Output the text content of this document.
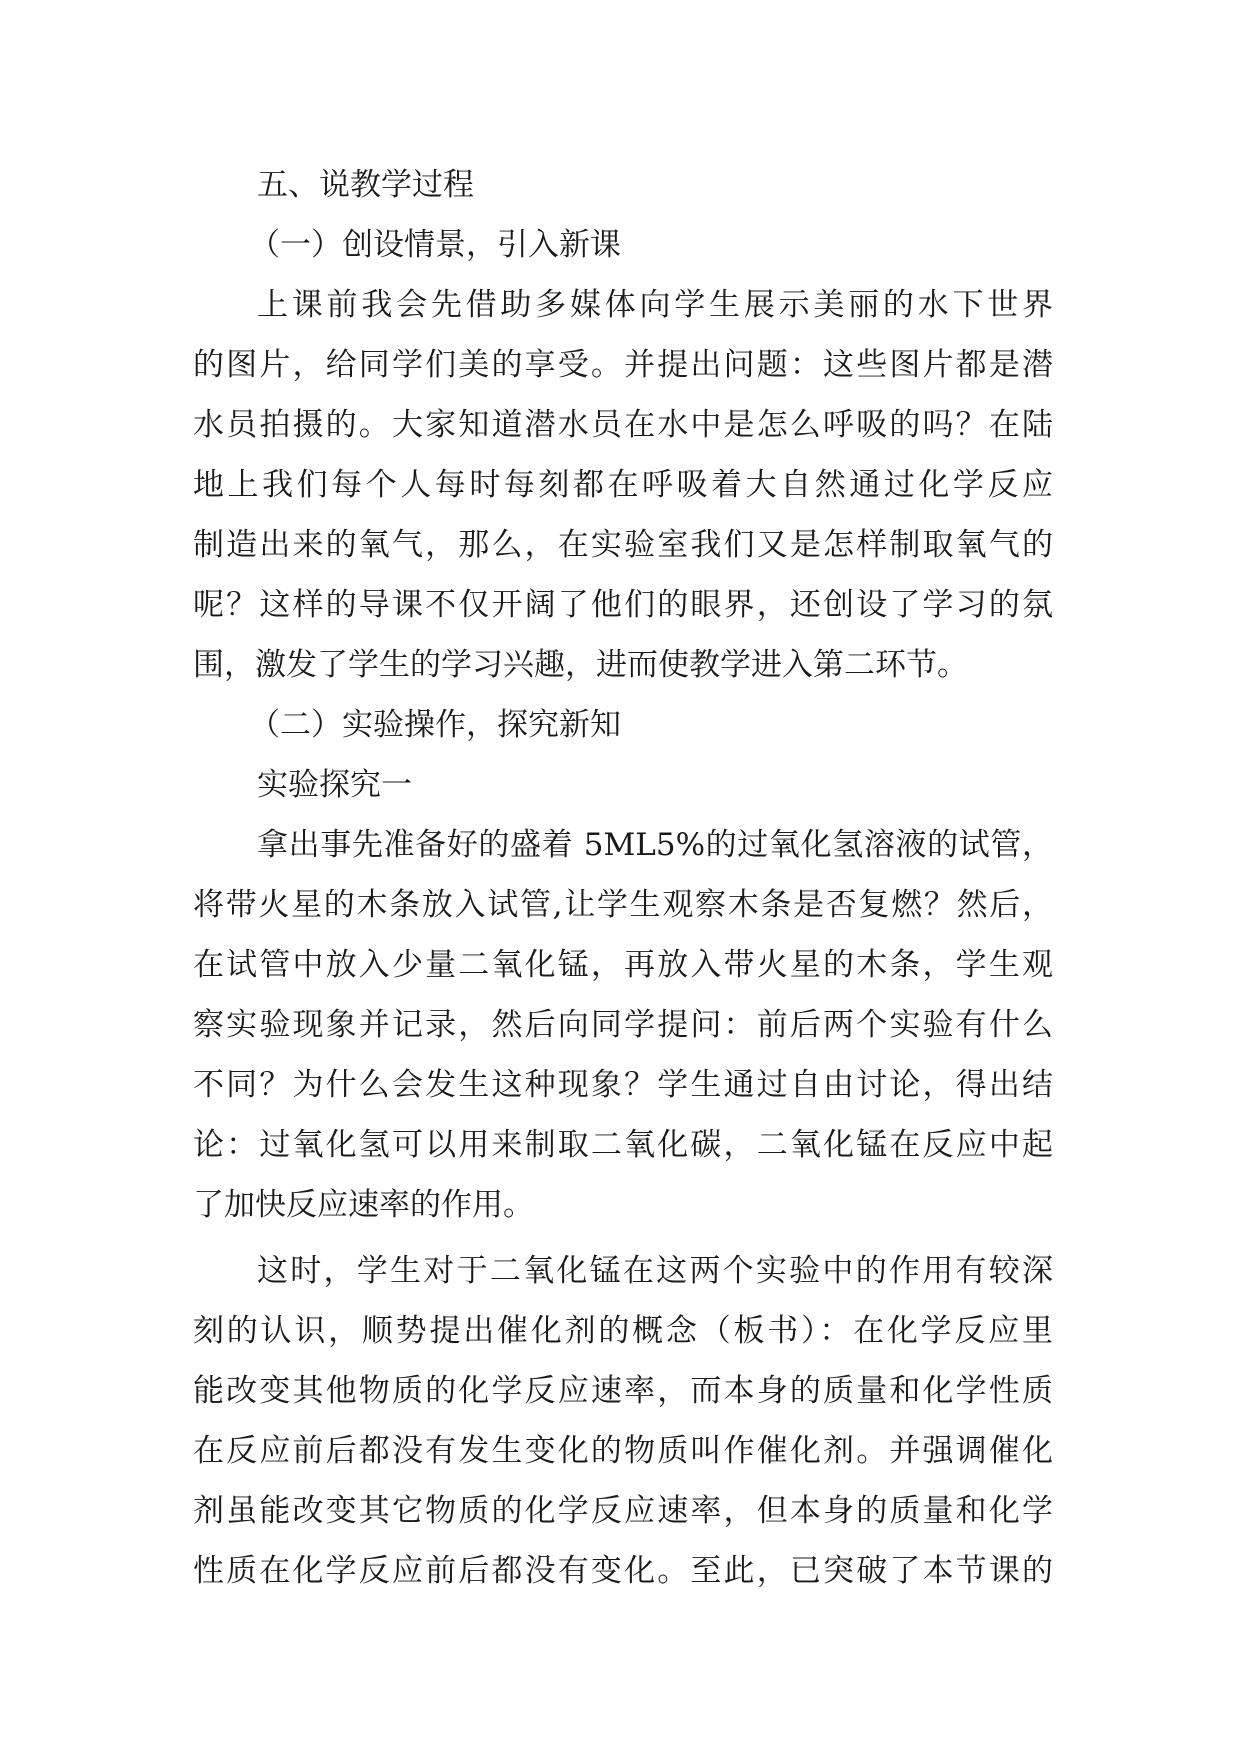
五、说教学过程
（一）创设情景，引入新课
上课前我会先借助多媒体向学生展示美丽的水下世界
的图片，给同学们美的享受。并提出问题：这些图片都是潜
水员拍摄的。大家知道潜水员在水中是怎么呼吸的吗？在陆
地上我们每个人每时每刻都在呼吸着大自然通过化学反应
制造出来的氧气，那么，在实验室我们又是怎样制取氧气的
呢？这样的导课不仅开阔了他们的眼界，还创设了学习的氛
围，激发了学生的学习兴趣，进而使教学进入第二环节。
（二）实验操作，探究新知
实验探究一
拿出事先准备好的盛着 5ML5%的过氧化氢溶液的试管，
将带火星的木条放入试管,让学生观察木条是否复燃？然后，
在试管中放入少量二氧化锰，再放入带火星的木条，学生观
察实验现象并记录，然后向同学提问：前后两个实验有什么
不同？为什么会发生这种现象？学生通过自由讨论，得出结
论：过氧化氢可以用来制取二氧化碳，二氧化锰在反应中起
了加快反应速率的作用。
这时，学生对于二氧化锰在这两个实验中的作用有较深
刻的认识，顺势提出催化剂的概念（板书）：在化学反应里
能改变其他物质的化学反应速率，而本身的质量和化学性质
在反应前后都没有发生变化的物质叫作催化剂。并强调催化
剂虽能改变其它物质的化学反应速率，但本身的质量和化学
性质在化学反应前后都没有变化。至此，已突破了本节课的
